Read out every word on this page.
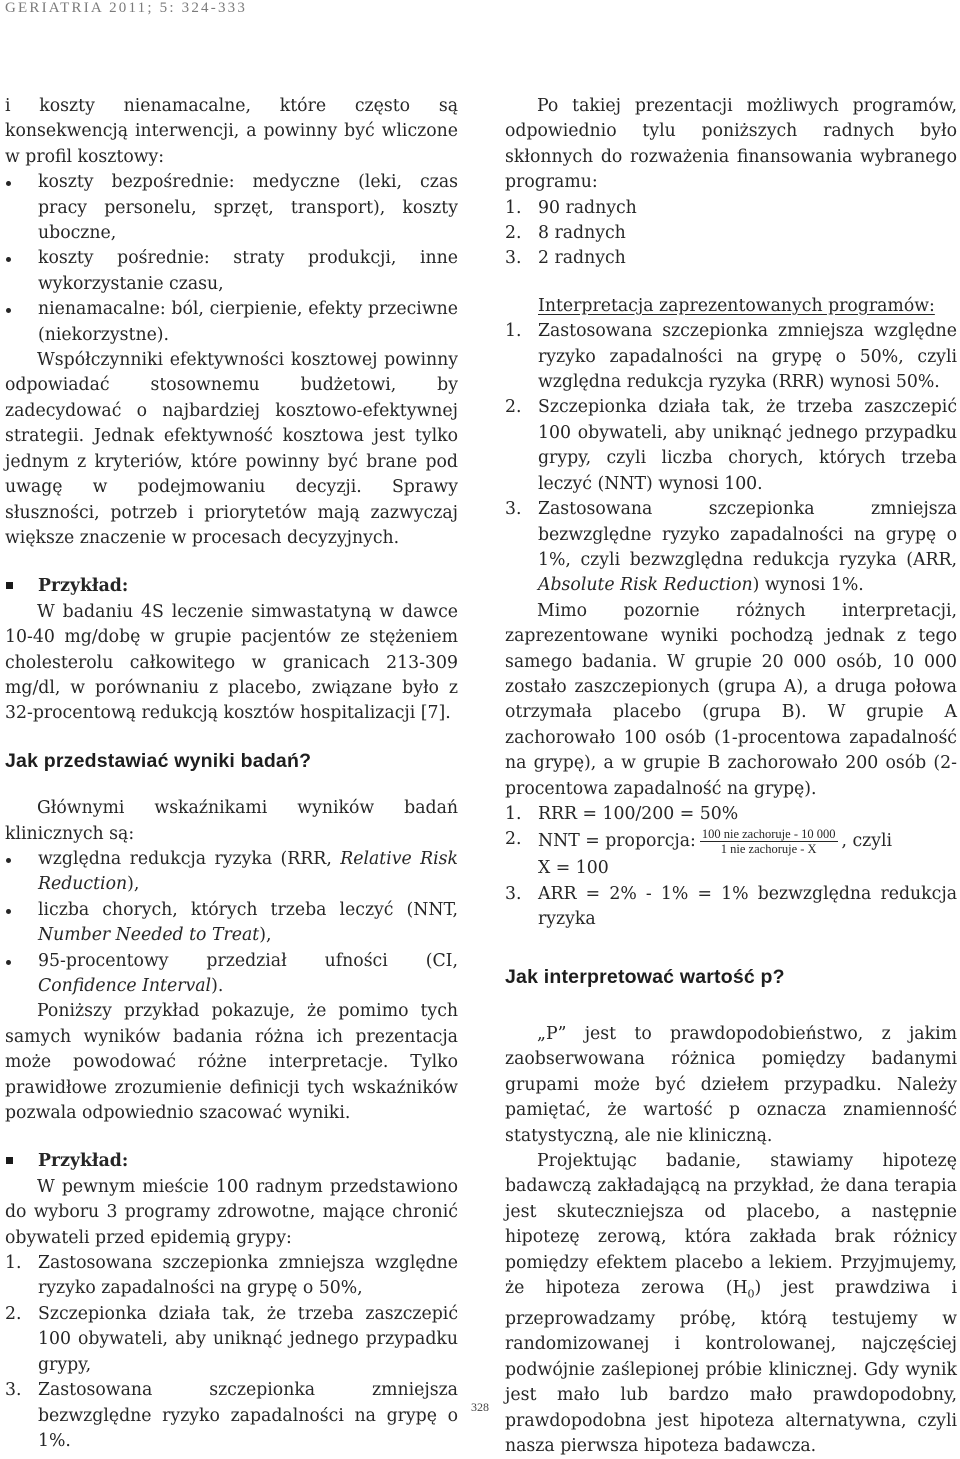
GERIATRIA 2011; 5: 324-333

i koszty nienamacalne, które często są konsekwencją interwencji, a powinny być wliczone w profil kosztowy:

koszty bezpośrednie: medyczne (leki, czas pracy personelu, sprzęt, transport), koszty uboczne,
koszty pośrednie: straty produkcji, inne wykorzystanie czasu,
nienamacalne: ból, cierpienie, efekty przeciwne (niekorzystne).

Współczynniki efektywności kosztowej powinny odpowiadać stosownemu budżetowi, by zadecydować o najbardziej kosztowo-efektywnej strategii. Jednak efektywność kosztowa jest tylko jednym z kryteriów, które powinny być brane pod uwagę w podejmowaniu decyzji. Sprawy słuszności, potrzeb i priorytetów mają zazwyczaj większe znaczenie w procesach decyzyjnych.

Przykład:

W badaniu 4S leczenie simwastatyną w dawce 10-40 mg/dobę w grupie pacjentów ze stężeniem cholesterolu całkowitego w granicach 213-309 mg/dl, w porównaniu z placebo, związane było z 32-procentową redukcją kosztów hospitalizacji [7].

Jak przedstawiać wyniki badań?

Głównymi wskaźnikami wyników badań klinicznych są:

względna redukcja ryzyka (RRR, Relative Risk Reduction),
liczba chorych, których trzeba leczyć (NNT, Number Needed to Treat),
95-procentowy przedział ufności (CI, Confidence Interval).

Poniższy przykład pokazuje, że pomimo tych samych wyników badania różna ich prezentacja może powodować różne interpretacje. Tylko prawidłowe zrozumienie definicji tych wskaźników pozwala odpowiednio szacować wyniki.

Przykład:

W pewnym mieście 100 radnym przedstawiono do wyboru 3 programy zdrowotne, mające chronić obywateli przed epidemią grypy:

1. Zastosowana szczepionka zmniejsza względne ryzyko zapadalności na grypę o 50%,
2. Szczepionka działa tak, że trzeba zaszczepić 100 obywateli, aby uniknąć jednego przypadku grypy,
3. Zastosowana szczepionka zmniejsza bezwzględne ryzyko zapadalności na grypę o 1%.

Po takiej prezentacji możliwych programów, odpowiednio tylu poniższych radnych było skłonnych do rozważenia finansowania wybranego programu:

1. 90 radnych
2. 8 radnych
3. 2 radnych

Interpretacja zaprezentowanych programów:

1. Zastosowana szczepionka zmniejsza względne ryzyko zapadalności na grypę o 50%, czyli względna redukcja ryzyka (RRR) wynosi 50%.
2. Szczepionka działa tak, że trzeba zaszczepić 100 obywateli, aby uniknąć jednego przypadku grypy, czyli liczba chorych, których trzeba leczyć (NNT) wynosi 100.
3. Zastosowana szczepionka zmniejsza bezwzględne ryzyko zapadalności na grypę o 1%, czyli bezwzględna redukcja ryzyka (ARR, Absolute Risk Reduction) wynosi 1%.

Mimo pozornie różnych interpretacji, zaprezentowane wyniki pochodzą jednak z tego samego badania. W grupie 20 000 osób, 10 000 zostało zaszczepionych (grupa A), a druga połowa otrzymała placebo (grupa B). W grupie A zachorowało 100 osób (1-procentowa zapadalność na grypę), a w grupie B zachorowało 200 osób (2-procentowa zapadalność na grypę).

1. RRR = 100/200 = 50%
2. NNT = proporcja: $\frac{\text{100 nie zachoruje - 10 000}}{\text{1 nie zachoruje - X}}$ , czyli
X = 100
3. ARR = 2% - 1% = 1% bezwzględna redukcja ryzyka
Jak interpretować wartość p?

„P” jest to prawdopodobieństwo, z jakim zaobserwowana różnica pomiędzy badanymi grupami może być dziełem przypadku. Należy pamiętać, że wartość p oznacza znamienność statystyczną, ale nie kliniczną.

Projektując badanie, stawiamy hipotezę badawczą zakładającą na przykład, że dana terapia jest skuteczniejsza od placebo, a następnie hipotezę zerową, która zakłada brak różnicy pomiędzy efektem placebo a lekiem. Przyjmujemy, że hipoteza zerowa $(H_0)$ jest prawdziwa i przeprowadzamy próbę, którą testujemy w randomizowanej i kontrolowanej, najczęściej podwójnie zaślepionej próbie klinicznej. Gdy wynik jest mało lub bardzo mało prawdopodobny, prawdopodobna jest hipoteza alternatywna, czyli nasza pierwsza hipoteza badawcza.

328
